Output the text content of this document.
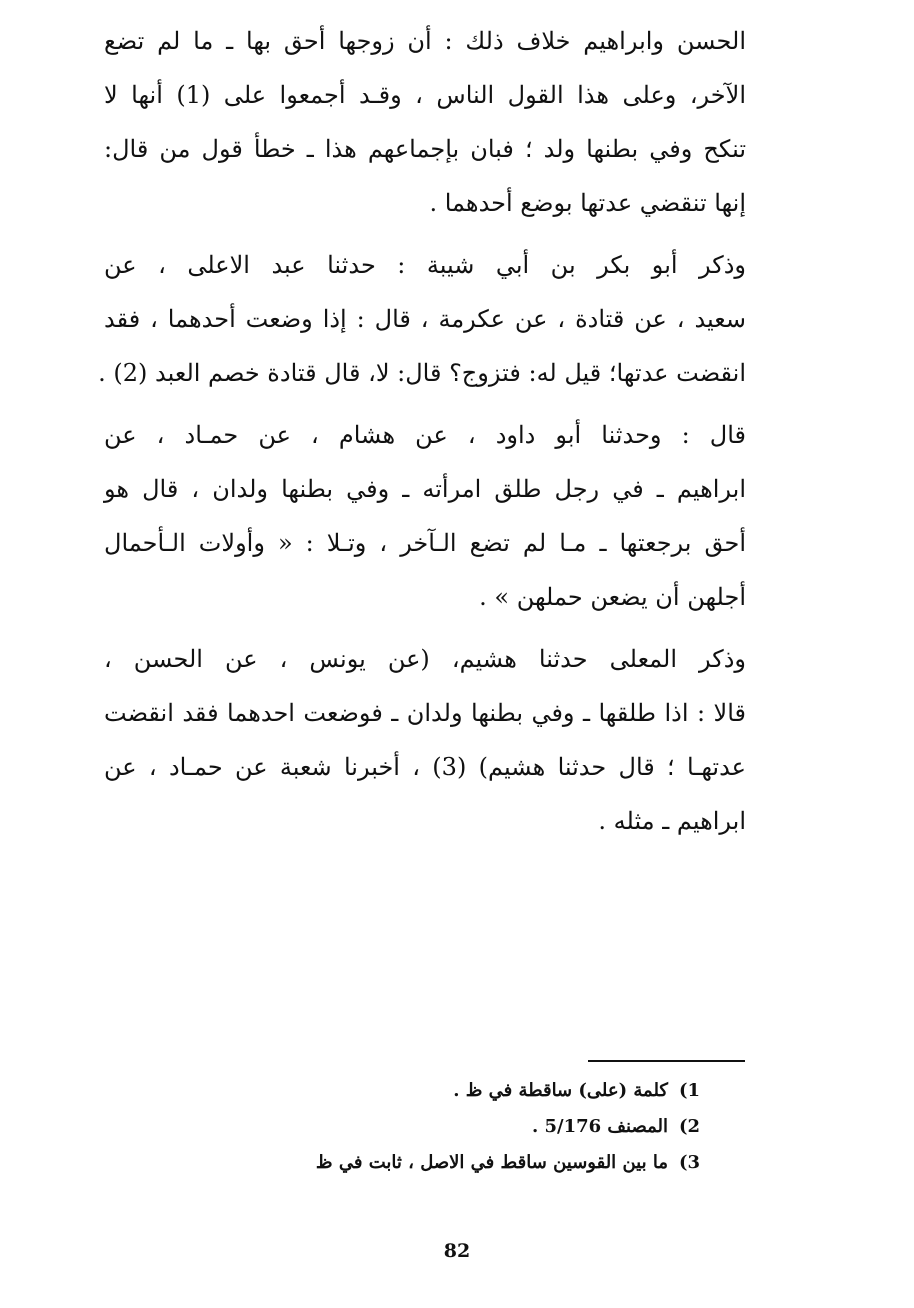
الحسن وابراهيم خلاف ذلك : أن زوجها أحق بها ـ ما لم تضع
الآخر، وعلى هذا القول الناس ، وقـد أجمعوا على (1) أنها لا
تنكح وفي بطنها ولد ؛ فبان بإجماعهم هذا ـ خطأ قول من قال:
إنها تنقضي عدتها بوضع أحدهما .
وذكر أبو بكر بن أبي شيبة : حدثنا عبد الاعلى ، عن
سعيد ، عن قتادة ، عن عكرمة ، قال : إذا وضعت أحدهما ، فقد
انقضت عدتها؛ قيل له: فتزوج؟ قال: لا، قال قتادة خصم العبد (2) .
قال : وحدثنا أبو داود ، عن هشام ، عن حمـاد ، عن
ابراهيم ـ في رجل طلق امرأته ـ وفي بطنها ولدان ، قال هو
أحق برجعتها ـ مـا لم تضع الـآخر ، وتـلا : « وأولات الـأحمال
أجلهن أن يضعن حملهن » .
وذكر المعلى حدثنا هشيم، (عن يونس ، عن الحسن ،
قالا : اذا طلقها ـ وفي بطنها ولدان ـ فوضعت احدهما فقد انقضت
عدتهـا ؛ قال حدثنا هشيم) (3) ، أخبرنا شعبة عن حمـاد ، عن
ابراهيم ـ مثله .
1)
كلمة (على) ساقطة في ظ .
2)
المصنف 5/176 .
3)
ما بين القوسين ساقط في الاصل ، ثابت في ظ
82
